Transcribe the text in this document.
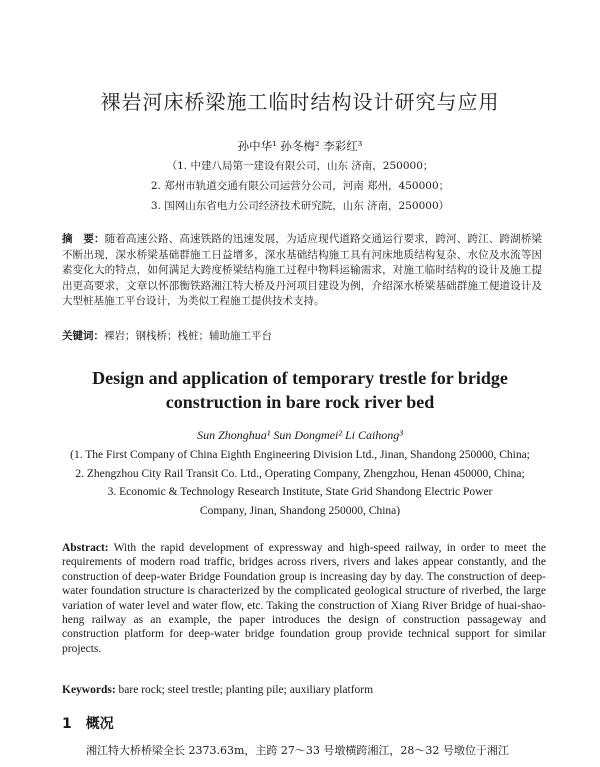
裸岩河床桥梁施工临时结构设计研究与应用
孙中华¹ 孙冬梅² 李彩红³
（1. 中建八局第一建设有限公司，山东 济南，250000；
2. 郑州市轨道交通有限公司运营分公司，河南 郑州，450000；
3. 国网山东省电力公司经济技术研究院，山东 济南，250000）
摘　要：随着高速公路、高速铁路的迅速发展，为适应现代道路交通运行要求，跨河、跨江、跨湖桥梁不断出现，深水桥梁基础群施工日益增多，深水基础结构施工具有河床地质结构复杂、水位及水流等因素变化大的特点，如何满足大跨度桥梁结构施工过程中物料运输需求，对施工临时结构的设计及施工提出更高要求，文章以怀邵衡铁路湘江特大桥及丹河项目建设为例，介绍深水桥梁基础群施工便道设计及大型桩基施工平台设计，为类似工程施工提供技术支持。
关键词：裸岩；钢栈桥；栈桩；辅助施工平台
Design and application of temporary trestle for bridge
construction in bare rock river bed
Sun Zhonghua¹ Sun Dongmei² Li Caihong³
(1. The First Company of China Eighth Engineering Division Ltd., Jinan, Shandong 250000, China;
2. Zhengzhou City Rail Transit Co. Ltd., Operating Company, Zhengzhou, Henan 450000, China;
3. Economic & Technology Research Institute, State Grid Shandong Electric Power
Company, Jinan, Shandong 250000, China)
Abstract: With the rapid development of expressway and high-speed railway, in order to meet the requirements of modern road traffic, bridges across rivers, rivers and lakes appear constantly, and the construction of deep-water Bridge Foundation group is increasing day by day. The construction of deep-water foundation structure is characterized by the complicated geological structure of riverbed, the large variation of water level and water flow, etc. Taking the construction of Xiang River Bridge of huai-shao-heng railway as an example, the paper introduces the design of construction passageway and construction platform for deep-water bridge foundation group provide technical support for similar projects.
Keywords: bare rock; steel trestle; planting pile; auxiliary platform
1 概况
湘江特大桥桥梁全长 2373.63m，主跨 27～33 号墩横跨湘江，28～32 号墩位于湘江
